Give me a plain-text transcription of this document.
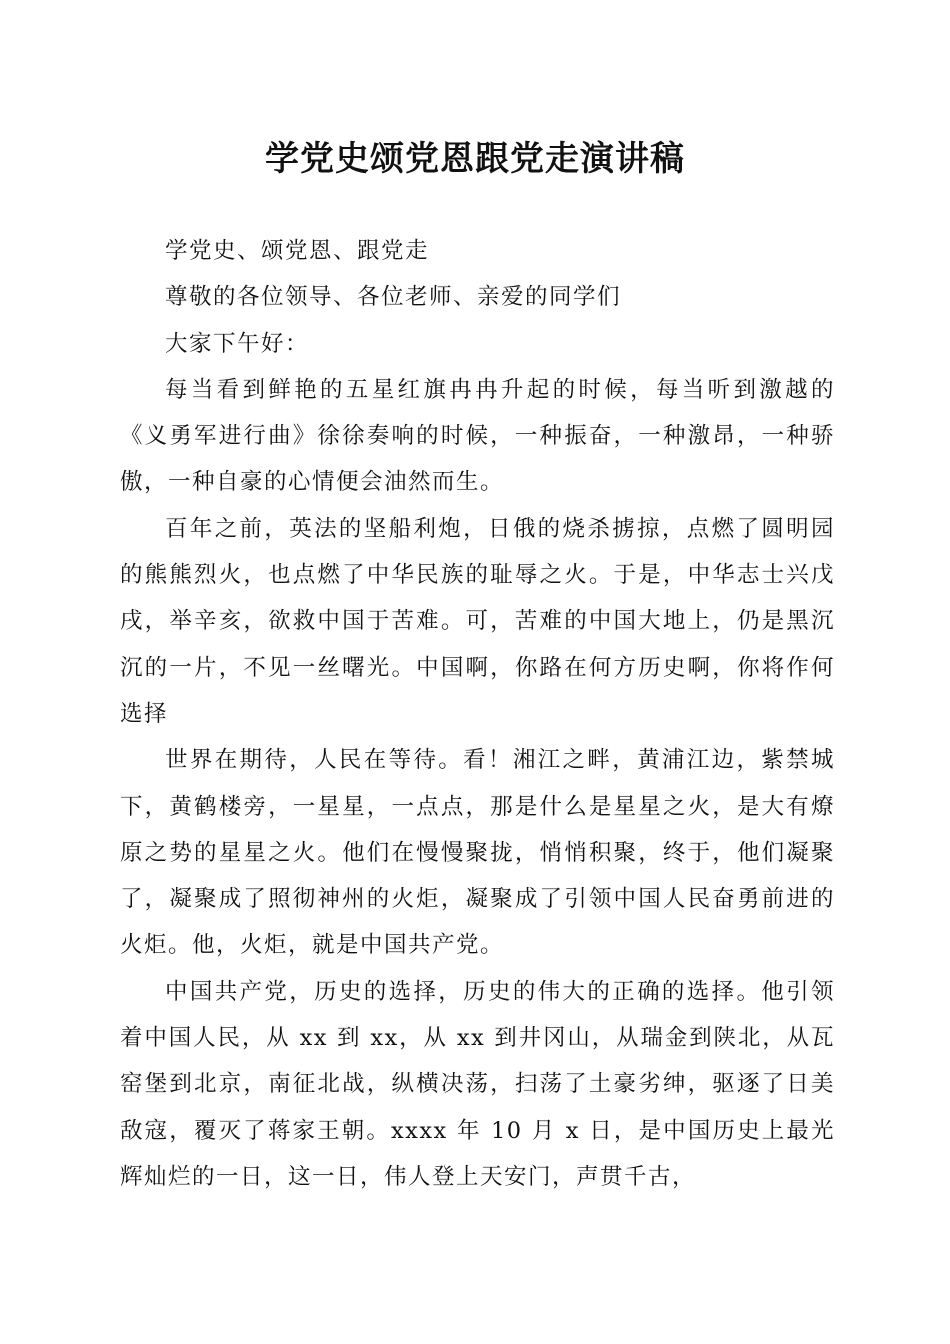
学党史颂党恩跟党走演讲稿

学党史、颂党恩、跟党走

尊敬的各位领导、各位老师、亲爱的同学们

大家下午好：

每当看到鲜艳的五星红旗冉冉升起的时候，每当听到激越的《义勇军进行曲》徐徐奏响的时候，一种振奋，一种激昂，一种骄傲，一种自豪的心情便会油然而生。

百年之前，英法的坚船利炮，日俄的烧杀掳掠，点燃了圆明园的熊熊烈火，也点燃了中华民族的耻辱之火。于是，中华志士兴戊戌，举辛亥，欲救中国于苦难。可，苦难的中国大地上，仍是黑沉沉的一片，不见一丝曙光。中国啊，你路在何方历史啊，你将作何选择

世界在期待，人民在等待。看！湘江之畔，黄浦江边，紫禁城下，黄鹤楼旁，一星星，一点点，那是什么是星星之火，是大有燎原之势的星星之火。他们在慢慢聚拢，悄悄积聚，终于，他们凝聚了，凝聚成了照彻神州的火炬，凝聚成了引领中国人民奋勇前进的火炬。他，火炬，就是中国共产党。

中国共产党，历史的选择，历史的伟大的正确的选择。他引领着中国人民，从 xx 到 xx，从 xx 到井冈山，从瑞金到陕北，从瓦窑堡到北京，南征北战，纵横决荡，扫荡了土豪劣绅，驱逐了日美敌寇，覆灭了蒋家王朝。xxxx 年 10 月 x 日，是中国历史上最光辉灿烂的一日，这一日，伟人登上天安门，声贯千古，
